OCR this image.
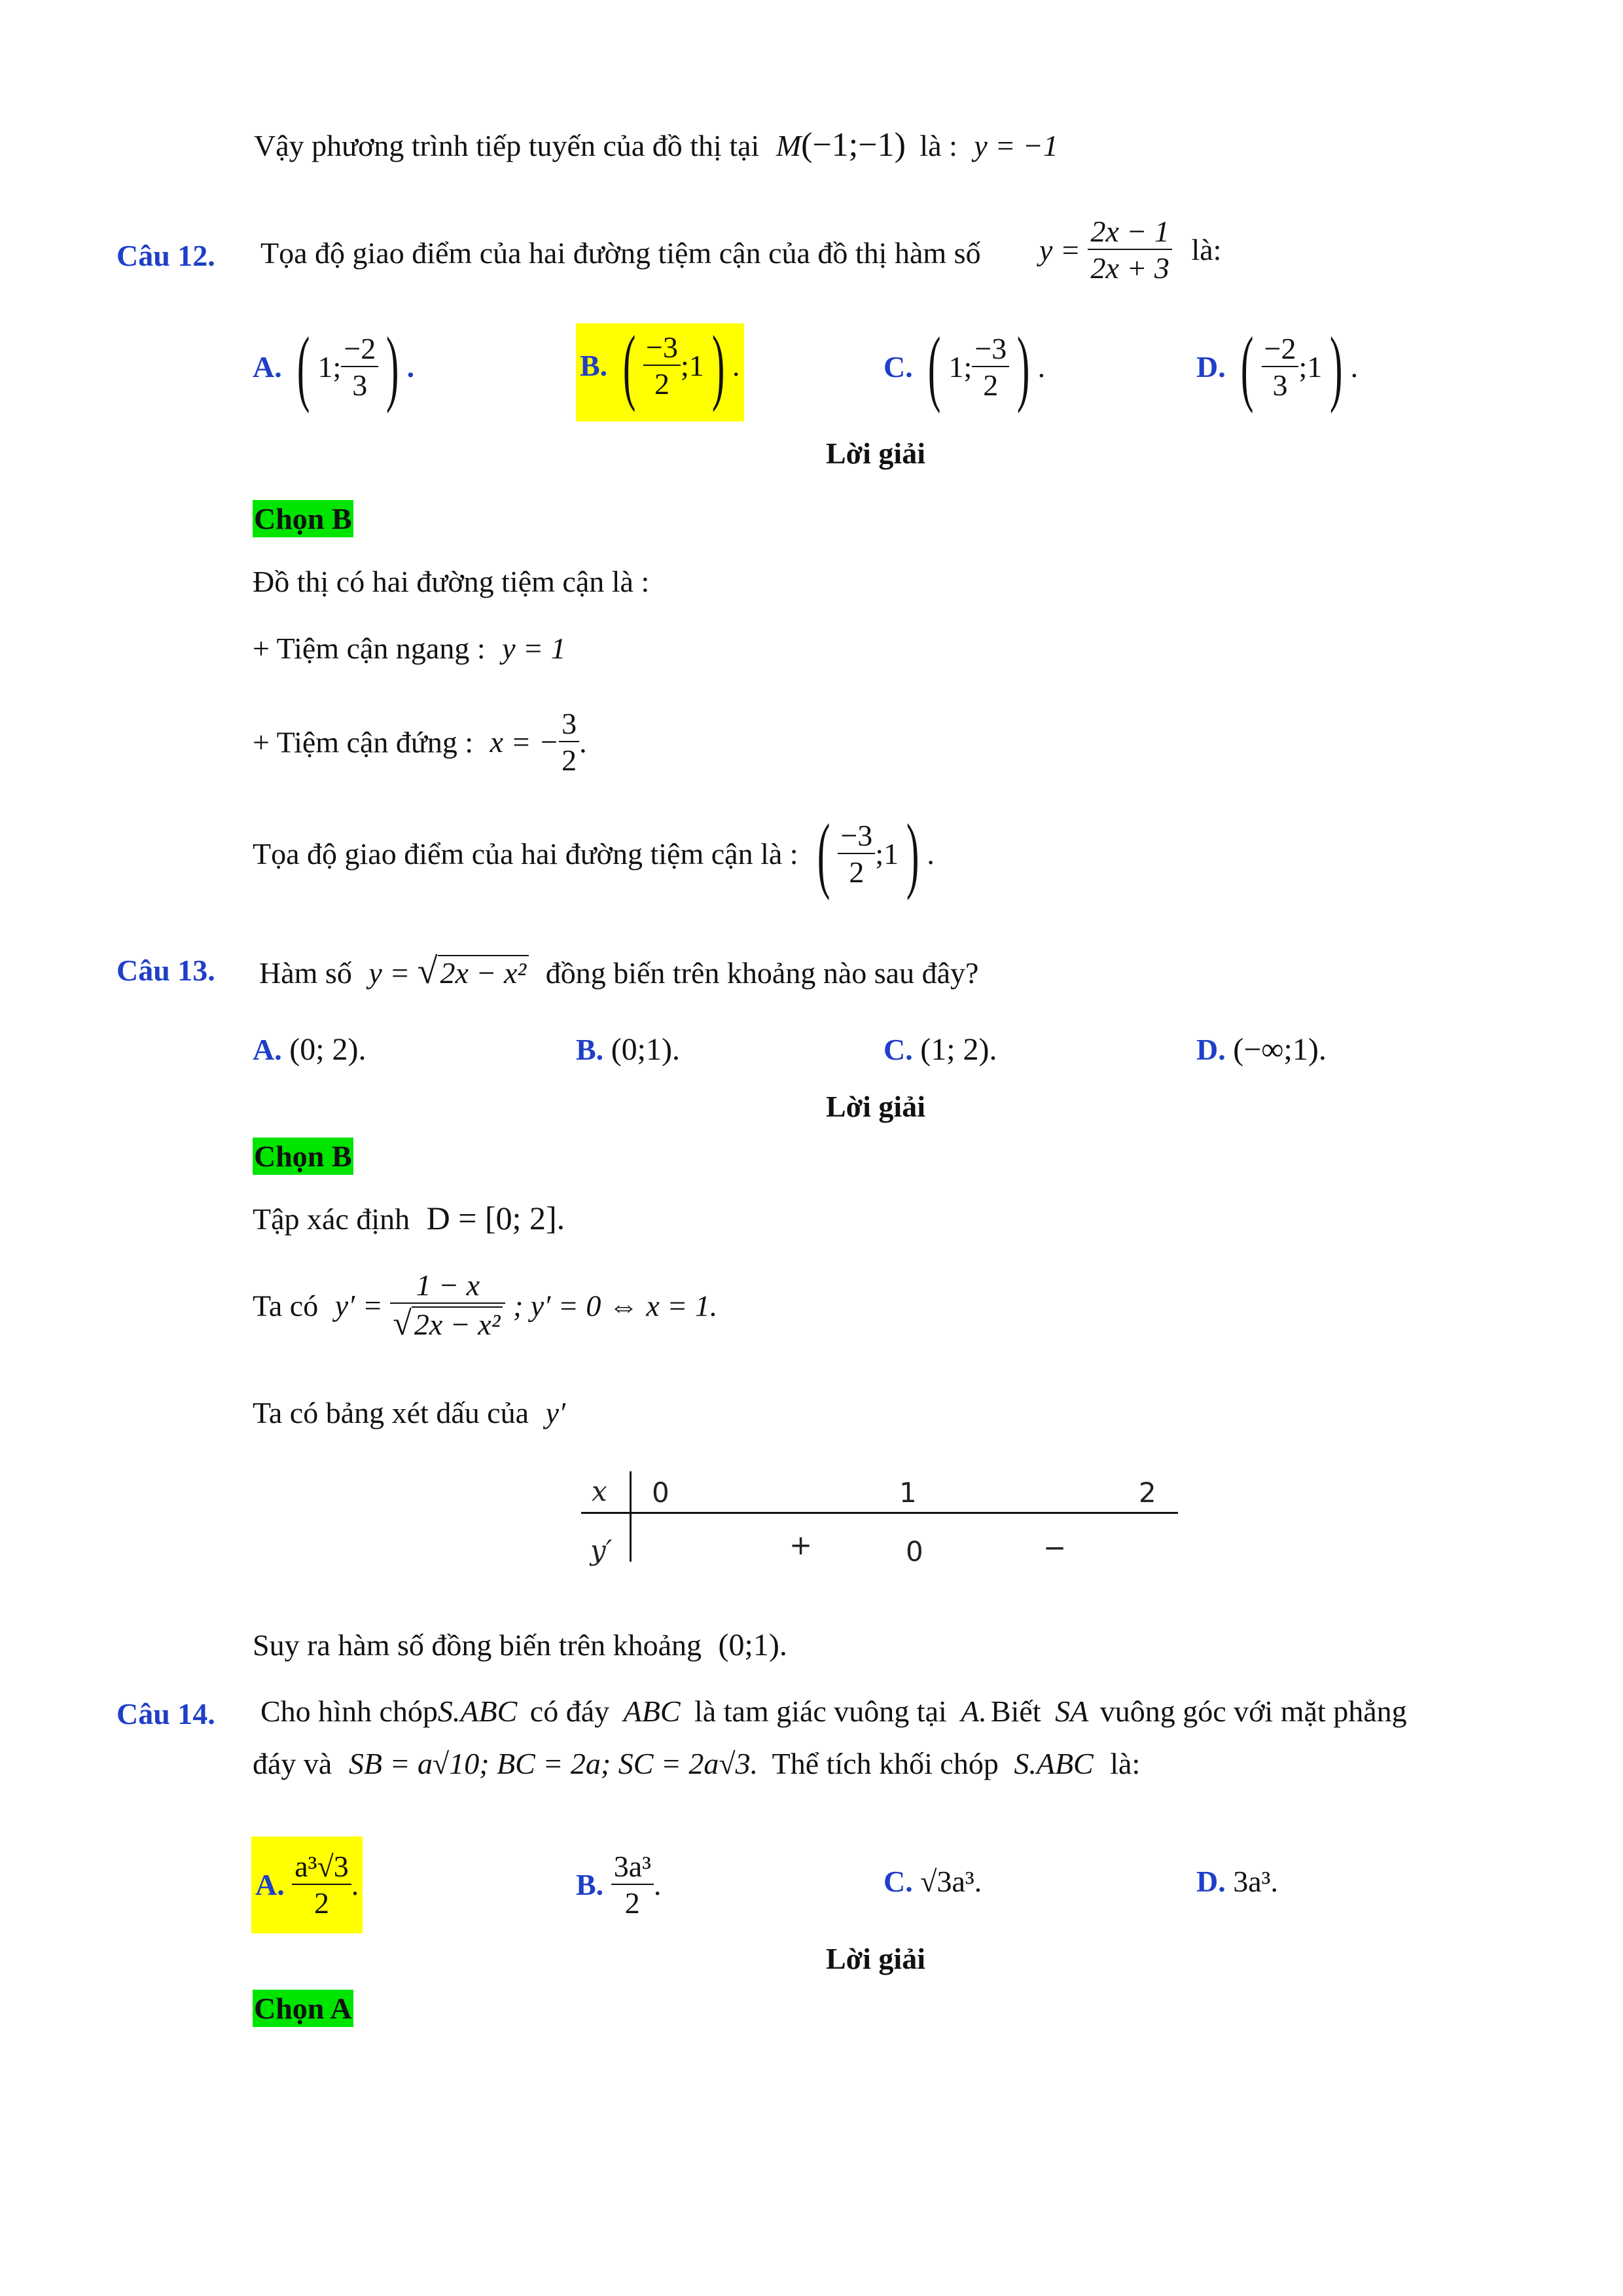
Vậy phương trình tiếp tuyến của đồ thị tại M(−1;−1) là : y = −1
Câu 12. Tọa độ giao điểm của hai đường tiệm cận của đồ thị hàm số $y = \frac{2x - 1}{2x + 3}$ là:
A. ( 1; $\frac{-2}{3}$ ) .	B. ( $\frac{-3}{2}$ ;1) .	C. ( 1; $\frac{-3}{2}$ ) .	D. ( $\frac{-2}{3}$ ;1) .
Lời giải
Chọn B
Đồ thị có hai đường tiệm cận là :
+ Tiệm cận ngang : y = 1
+ Tiệm cận đứng : x = − $\frac{3}{2}$ .
Tọa độ giao điểm của hai đường tiệm cận là : ( $\frac{-3}{2}$ ;1) .
Câu 13. Hàm số y = √2x − x² đồng biến trên khoảng nào sau đây?
A. (0; 2).	B. (0;1).	C. (1; 2).	D. (−∞;1).
Lời giải
Chọn B
Tập xác định D = [0; 2].
Ta có $y' = \frac{1 - x}{\text{√2x − x²}}$ ; y′ = 0 ⇔ x = 1.
Ta có bảng xét dấu của y′
x 0	1	2
y′	+	0	−
Suy ra hàm số đồng biến trên khoảng (0;1).
Câu 14. Cho hình chópS.ABC có đáy ABC là tam giác vuông tại A. Biết SA vuông góc với mặt phẳng
đáy và SB = a√10; BC = 2a; SC = 2a√3. Thể tích khối chóp S.ABC là:
A. $\frac{\text{a³√3}}{2}$ .	B. $\frac{\text{3a³}}{2}$ .	C. √3a³.	D. 3a³.
Lời giải
Chọn A
